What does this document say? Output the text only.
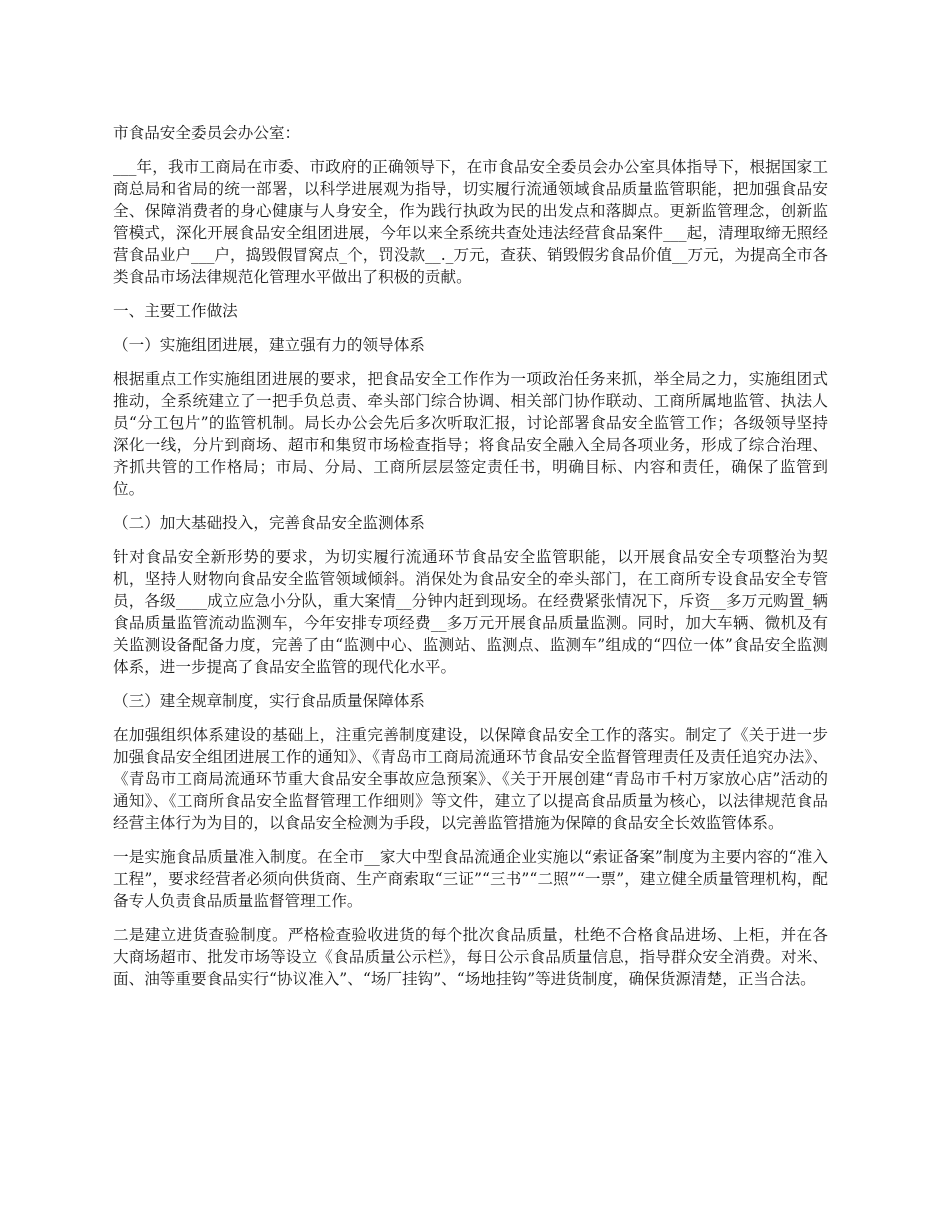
市食品安全委员会办公室：

___年，我市工商局在市委、市政府的正确领导下，在市食品安全委员会办公室具体指导下，根据国家工商总局和省局的统一部署，以科学进展观为指导，切实履行流通领域食品质量监管职能，把加强食品安全、保障消费者的身心健康与人身安全，作为践行执政为民的出发点和落脚点。更新监管理念，创新监管模式，深化开展食品安全组团进展，今年以来全系统共查处违法经营食品案件___起，清理取缔无照经营食品业户___户，捣毁假冒窝点_个，罚没款__._万元，查获、销毁假劣食品价值__万元，为提高全市各类食品市场法律规范化管理水平做出了积极的贡献。

一、主要工作做法

（一）实施组团进展，建立强有力的领导体系

根据重点工作实施组团进展的要求，把食品安全工作作为一项政治任务来抓，举全局之力，实施组团式推动，全系统建立了一把手负总责、牵头部门综合协调、相关部门协作联动、工商所属地监管、执法人员“分工包片”的监管机制。局长办公会先后多次听取汇报，讨论部署食品安全监管工作；各级领导坚持深化一线，分片到商场、超市和集贸市场检查指导；将食品安全融入全局各项业务，形成了综合治理、齐抓共管的工作格局；市局、分局、工商所层层签定责任书，明确目标、内容和责任，确保了监管到位。

（二）加大基础投入，完善食品安全监测体系

针对食品安全新形势的要求，为切实履行流通环节食品安全监管职能，以开展食品安全专项整治为契机，坚持人财物向食品安全监管领域倾斜。消保处为食品安全的牵头部门，在工商所专设食品安全专管员，各级____成立应急小分队，重大案情__分钟内赶到现场。在经费紧张情况下，斥资__多万元购置_辆食品质量监管流动监测车，今年安排专项经费__多万元开展食品质量监测。同时，加大车辆、微机及有关监测设备配备力度，完善了由“监测中心、监测站、监测点、监测车”组成的“四位一体”食品安全监测体系，进一步提高了食品安全监管的现代化水平。

（三）建全规章制度，实行食品质量保障体系

在加强组织体系建设的基础上，注重完善制度建设，以保障食品安全工作的落实。制定了《关于进一步加强食品安全组团进展工作的通知》、《青岛市工商局流通环节食品安全监督管理责任及责任追究办法》、《青岛市工商局流通环节重大食品安全事故应急预案》、《关于开展创建“青岛市千村万家放心店”活动的通知》、《工商所食品安全监督管理工作细则》等文件，建立了以提高食品质量为核心，以法律规范食品经营主体行为为目的，以食品安全检测为手段，以完善监管措施为保障的食品安全长效监管体系。

一是实施食品质量准入制度。在全市__家大中型食品流通企业实施以“索证备案”制度为主要内容的“准入工程”，要求经营者必须向供货商、生产商索取“三证”“三书”“二照”“一票”，建立健全质量管理机构，配备专人负责食品质量监督管理工作。

二是建立进货查验制度。严格检查验收进货的每个批次食品质量，杜绝不合格食品进场、上柜，并在各大商场超市、批发市场等设立《食品质量公示栏》，每日公示食品质量信息，指导群众安全消费。对米、面、油等重要食品实行“协议准入”、“场厂挂钩”、“场地挂钩”等进货制度，确保货源清楚，正当合法。
